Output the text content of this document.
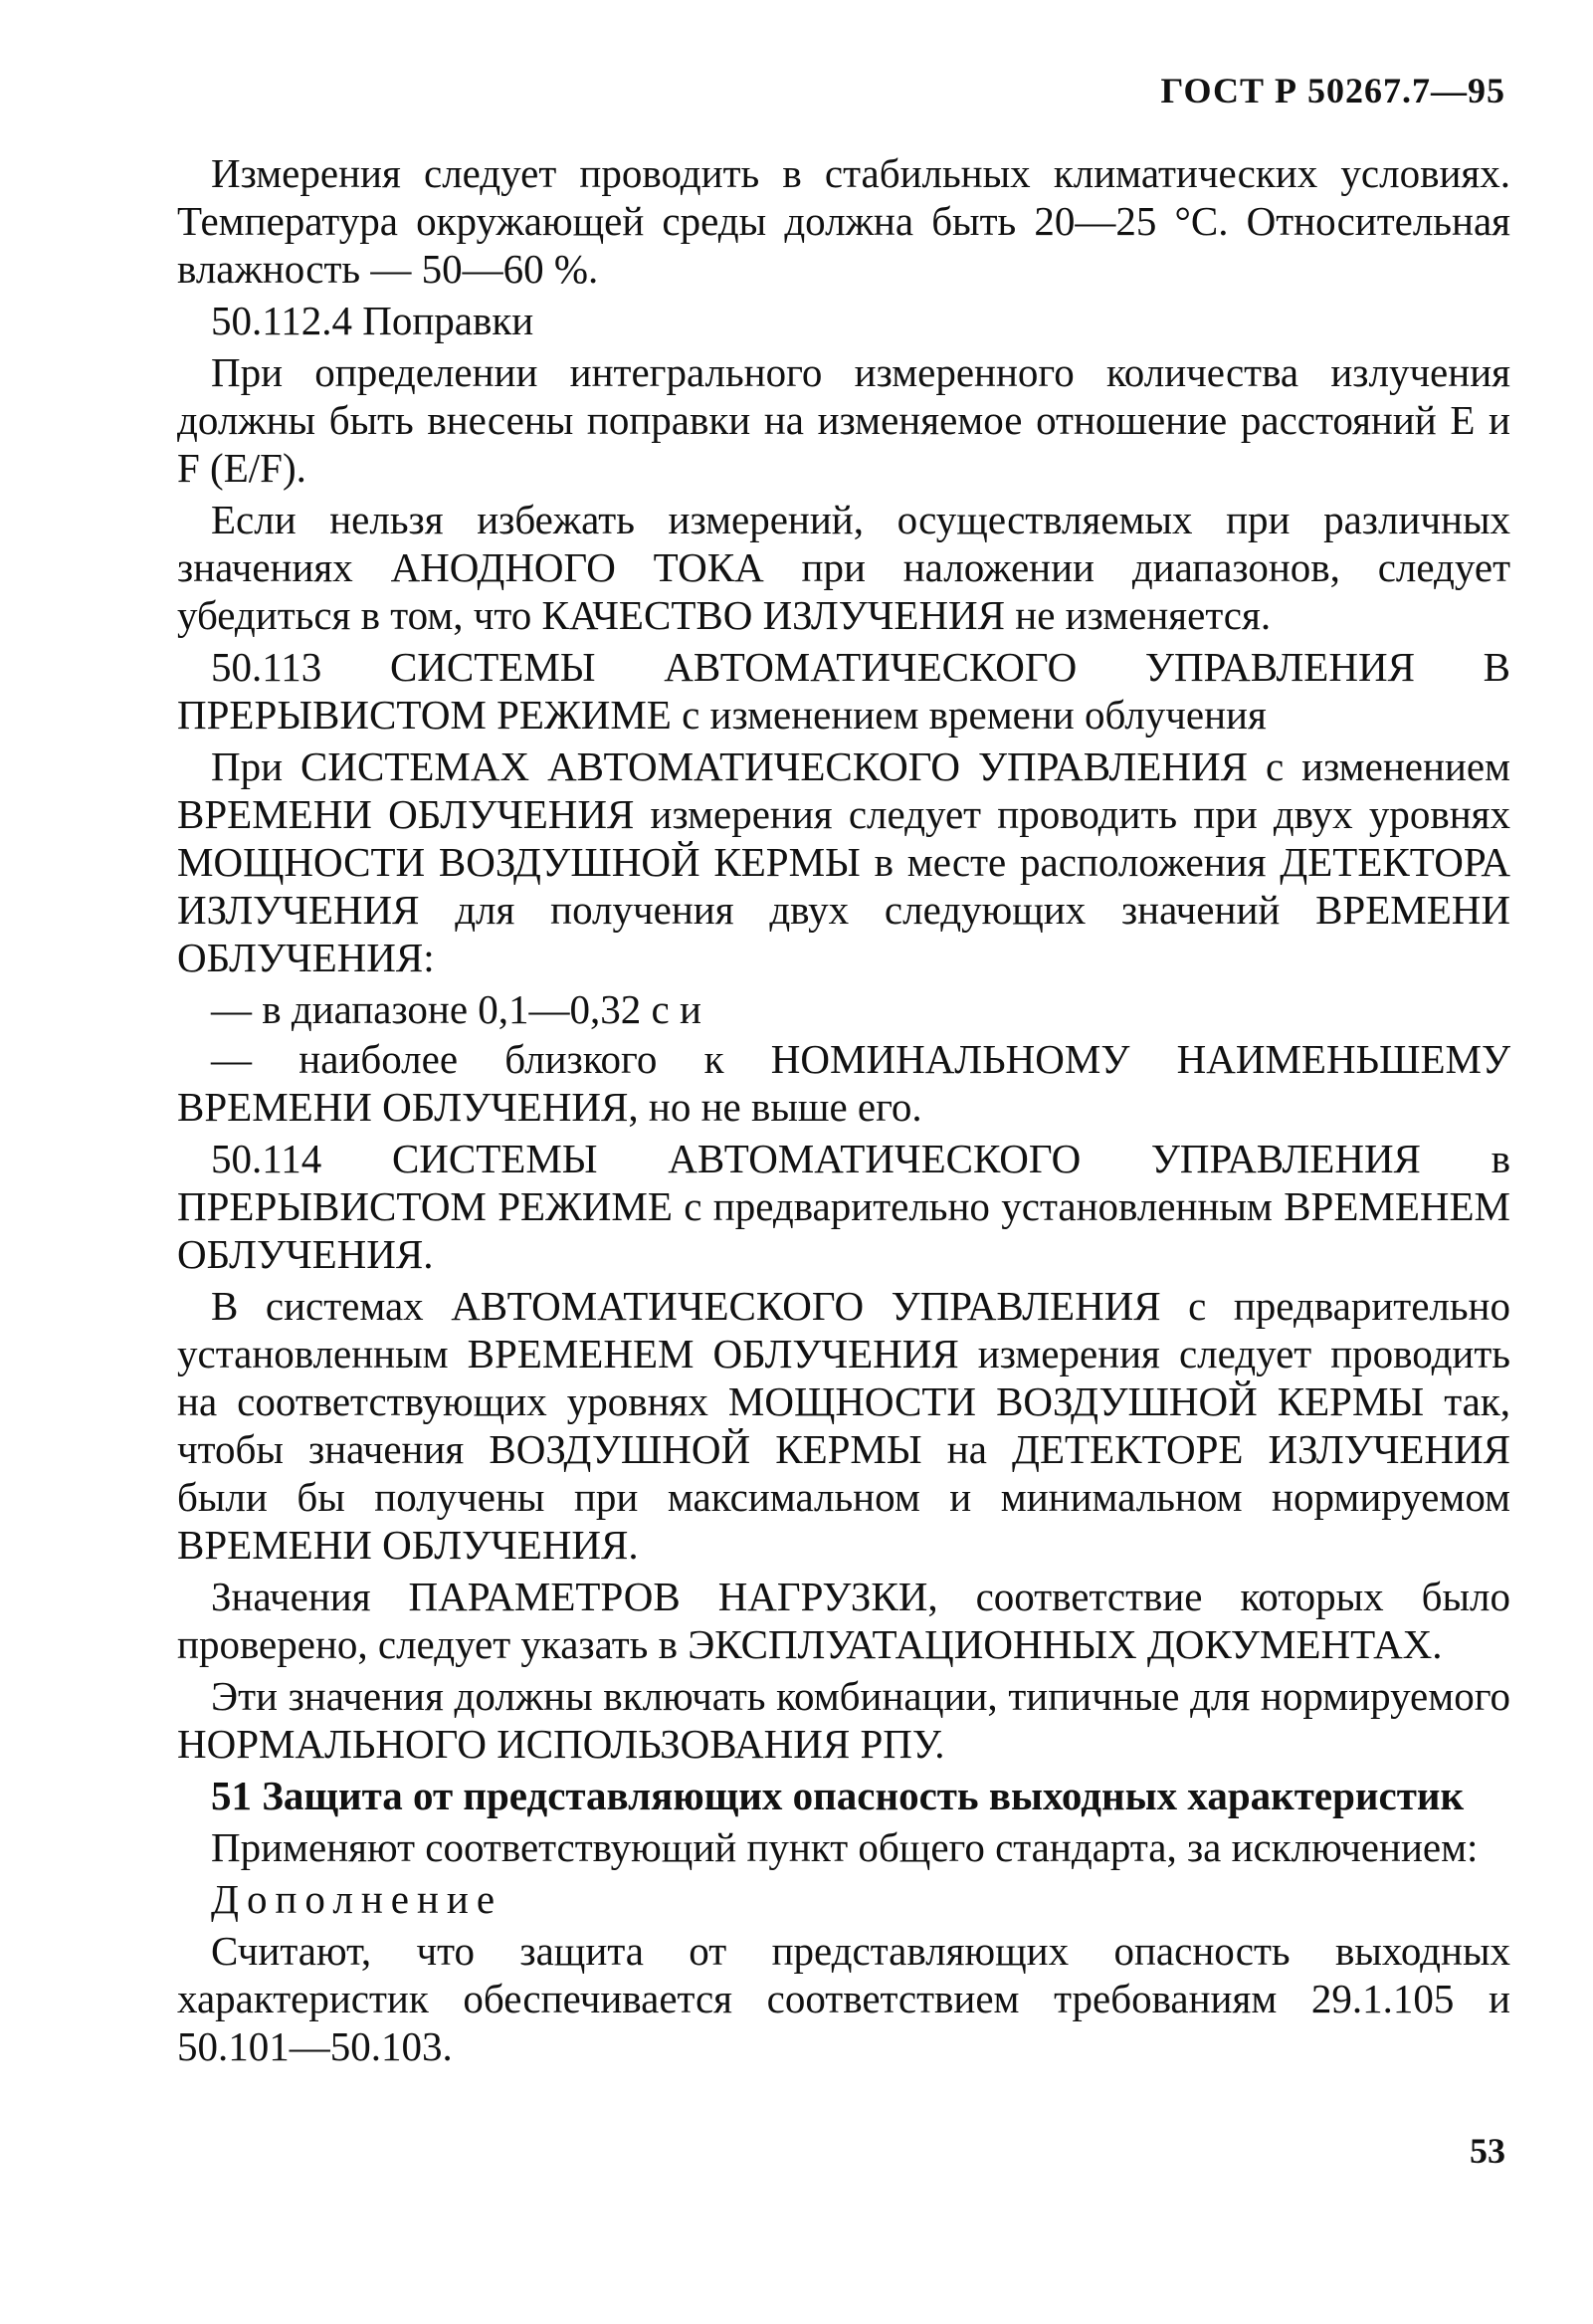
ГОСТ Р 50267.7—95

Измерения следует проводить в стабильных климатических условиях. Температура окружающей среды должна быть 20—25 °С. Относительная влажность — 50—60 %.

50.112.4 Поправки

При определении интегрального измеренного количества излучения должны быть внесены поправки на изменяемое отношение расстояний E и F (E/F).

Если нельзя избежать измерений, осуществляемых при различных значениях АНОДНОГО ТОКА при наложении диапазонов, следует убедиться в том, что КАЧЕСТВО ИЗЛУЧЕНИЯ не изменяется.

50.113 СИСТЕМЫ АВТОМАТИЧЕСКОГО УПРАВЛЕНИЯ В ПРЕРЫВИСТОМ РЕЖИМЕ с изменением времени облучения

При СИСТЕМАХ АВТОМАТИЧЕСКОГО УПРАВЛЕНИЯ с изменением ВРЕМЕНИ ОБЛУЧЕНИЯ измерения следует проводить при двух уровнях МОЩНОСТИ ВОЗДУШНОЙ КЕРМЫ в месте расположения ДЕТЕКТОРА ИЗЛУЧЕНИЯ для получения двух следующих значений ВРЕМЕНИ ОБЛУЧЕНИЯ:

— в диапазоне 0,1—0,32 с и

— наиболее близкого к НОМИНАЛЬНОМУ НАИМЕНЬШЕМУ ВРЕМЕНИ ОБЛУЧЕНИЯ, но не выше его.

50.114 СИСТЕМЫ АВТОМАТИЧЕСКОГО УПРАВЛЕНИЯ в ПРЕРЫВИСТОМ РЕЖИМЕ с предварительно установленным ВРЕМЕНЕМ ОБЛУЧЕНИЯ.

В системах АВТОМАТИЧЕСКОГО УПРАВЛЕНИЯ с предварительно установленным ВРЕМЕНЕМ ОБЛУЧЕНИЯ измерения следует проводить на соответствующих уровнях МОЩНОСТИ ВОЗДУШНОЙ КЕРМЫ так, чтобы значения ВОЗДУШНОЙ КЕРМЫ на ДЕТЕКТОРЕ ИЗЛУЧЕНИЯ были бы получены при максимальном и минимальном нормируемом ВРЕМЕНИ ОБЛУЧЕНИЯ.

Значения ПАРАМЕТРОВ НАГРУЗКИ, соответствие которых было проверено, следует указать в ЭКСПЛУАТАЦИОННЫХ ДОКУМЕНТАХ.

Эти значения должны включать комбинации, типичные для нормируемого НОРМАЛЬНОГО ИСПОЛЬЗОВАНИЯ РПУ.

51 Защита от представляющих опасность выходных характеристик

Применяют соответствующий пункт общего стандарта, за исключением:

Дополнение

Считают, что защита от представляющих опасность выходных характеристик обеспечивается соответствием требованиям 29.1.105 и 50.101—50.103.

53
